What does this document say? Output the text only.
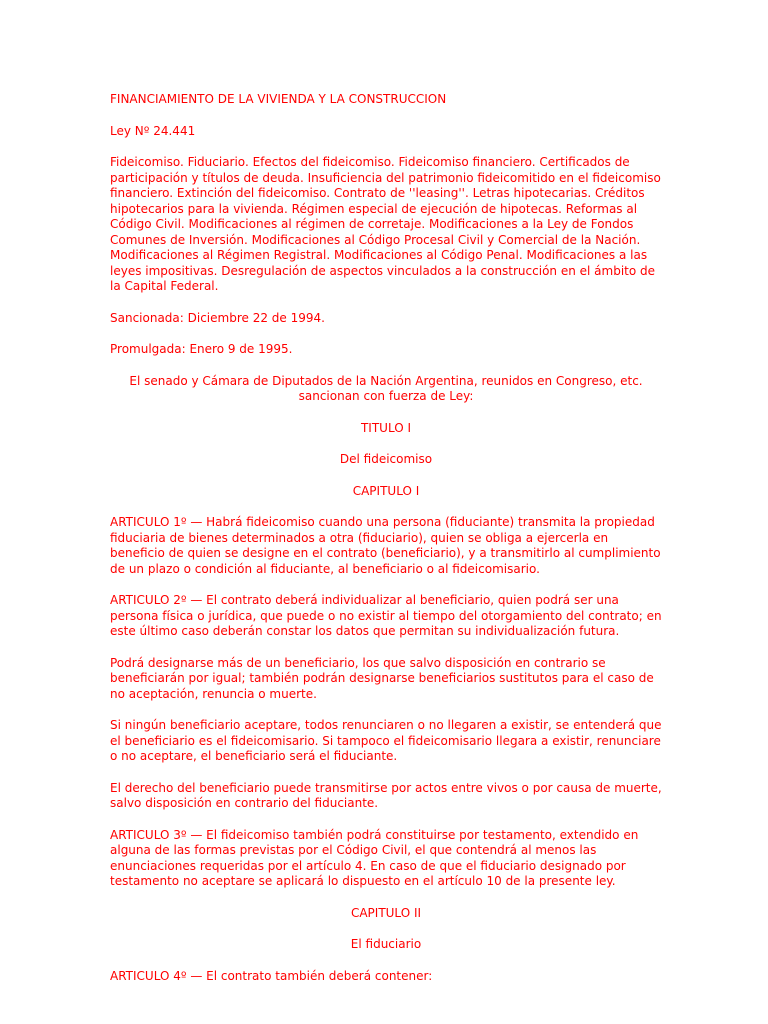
FINANCIAMIENTO DE LA VIVIENDA Y LA CONSTRUCCION

Ley Nº 24.441

Fideicomiso. Fiduciario. Efectos del fideicomiso. Fideicomiso financiero. Certificados de participación y títulos de deuda. Insuficiencia del patrimonio fideicomitido en el fideicomiso financiero. Extinción del fideicomiso. Contrato de ''leasing''. Letras hipotecarias. Créditos hipotecarios para la vivienda. Régimen especial de ejecución de hipotecas. Reformas al Código Civil. Modificaciones al régimen de corretaje. Modificaciones a la Ley de Fondos Comunes de Inversión. Modificaciones al Código Procesal Civil y Comercial de la Nación. Modificaciones al Régimen Registral. Modificaciones al Código Penal. Modificaciones a las leyes impositivas. Desregulación de aspectos vinculados a la construcción en el ámbito de la Capital Federal.

Sancionada: Diciembre 22 de 1994.

Promulgada: Enero 9 de 1995.

El senado y Cámara de Diputados de la Nación Argentina, reunidos en Congreso, etc. sancionan con fuerza de Ley:

TITULO I

Del fideicomiso

CAPITULO I

ARTICULO 1º — Habrá fideicomiso cuando una persona (fiduciante) transmita la propiedad fiduciaria de bienes determinados a otra (fiduciario), quien se obliga a ejercerla en beneficio de quien se designe en el contrato (beneficiario), y a transmitirlo al cumplimiento de un plazo o condición al fiduciante, al beneficiario o al fideicomisario.

ARTICULO 2º — El contrato deberá individualizar al beneficiario, quien podrá ser una persona física o jurídica, que puede o no existir al tiempo del otorgamiento del contrato; en este último caso deberán constar los datos que permitan su individualización futura.

Podrá designarse más de un beneficiario, los que salvo disposición en contrario se beneficiarán por igual; también podrán designarse beneficiarios sustitutos para el caso de no aceptación, renuncia o muerte.

Si ningún beneficiario aceptare, todos renunciaren o no llegaren a existir, se entenderá que el beneficiario es el fideicomisario. Si tampoco el fideicomisario llegara a existir, renunciare o no aceptare, el beneficiario será el fiduciante.

El derecho del beneficiario puede transmitirse por actos entre vivos o por causa de muerte, salvo disposición en contrario del fiduciante.

ARTICULO 3º — El fideicomiso también podrá constituirse por testamento, extendido en alguna de las formas previstas por el Código Civil, el que contendrá al menos las enunciaciones requeridas por el artículo 4. En caso de que el fiduciario designado por testamento no aceptare se aplicará lo dispuesto en el artículo 10 de la presente ley.

CAPITULO II

El fiduciario

ARTICULO 4º — El contrato también deberá contener:
